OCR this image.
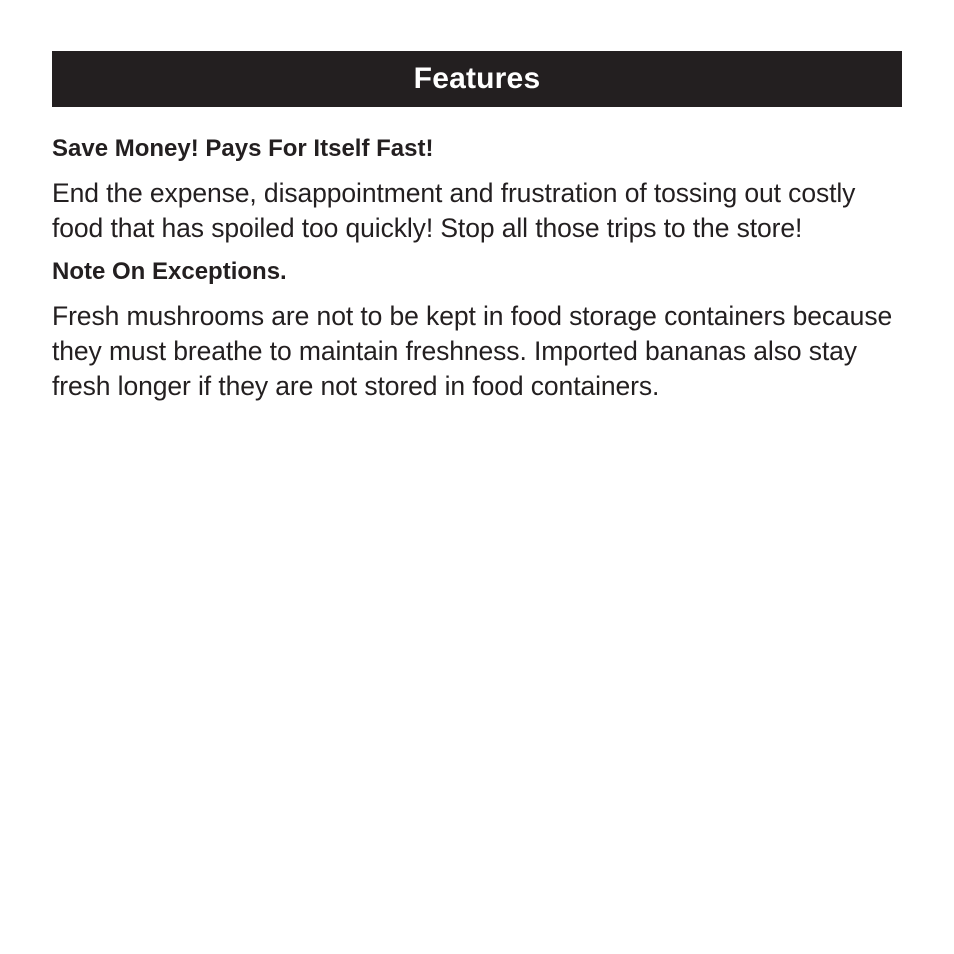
Features

Save Money! Pays For Itself Fast!

End the expense, disappointment and frustration of tossing out costly food that has spoiled too quickly! Stop all those trips to the store!

Note On Exceptions.

Fresh mushrooms are not to be kept in food storage containers because they must breathe to maintain freshness. Imported bananas also stay fresh longer if they are not stored in food containers.
